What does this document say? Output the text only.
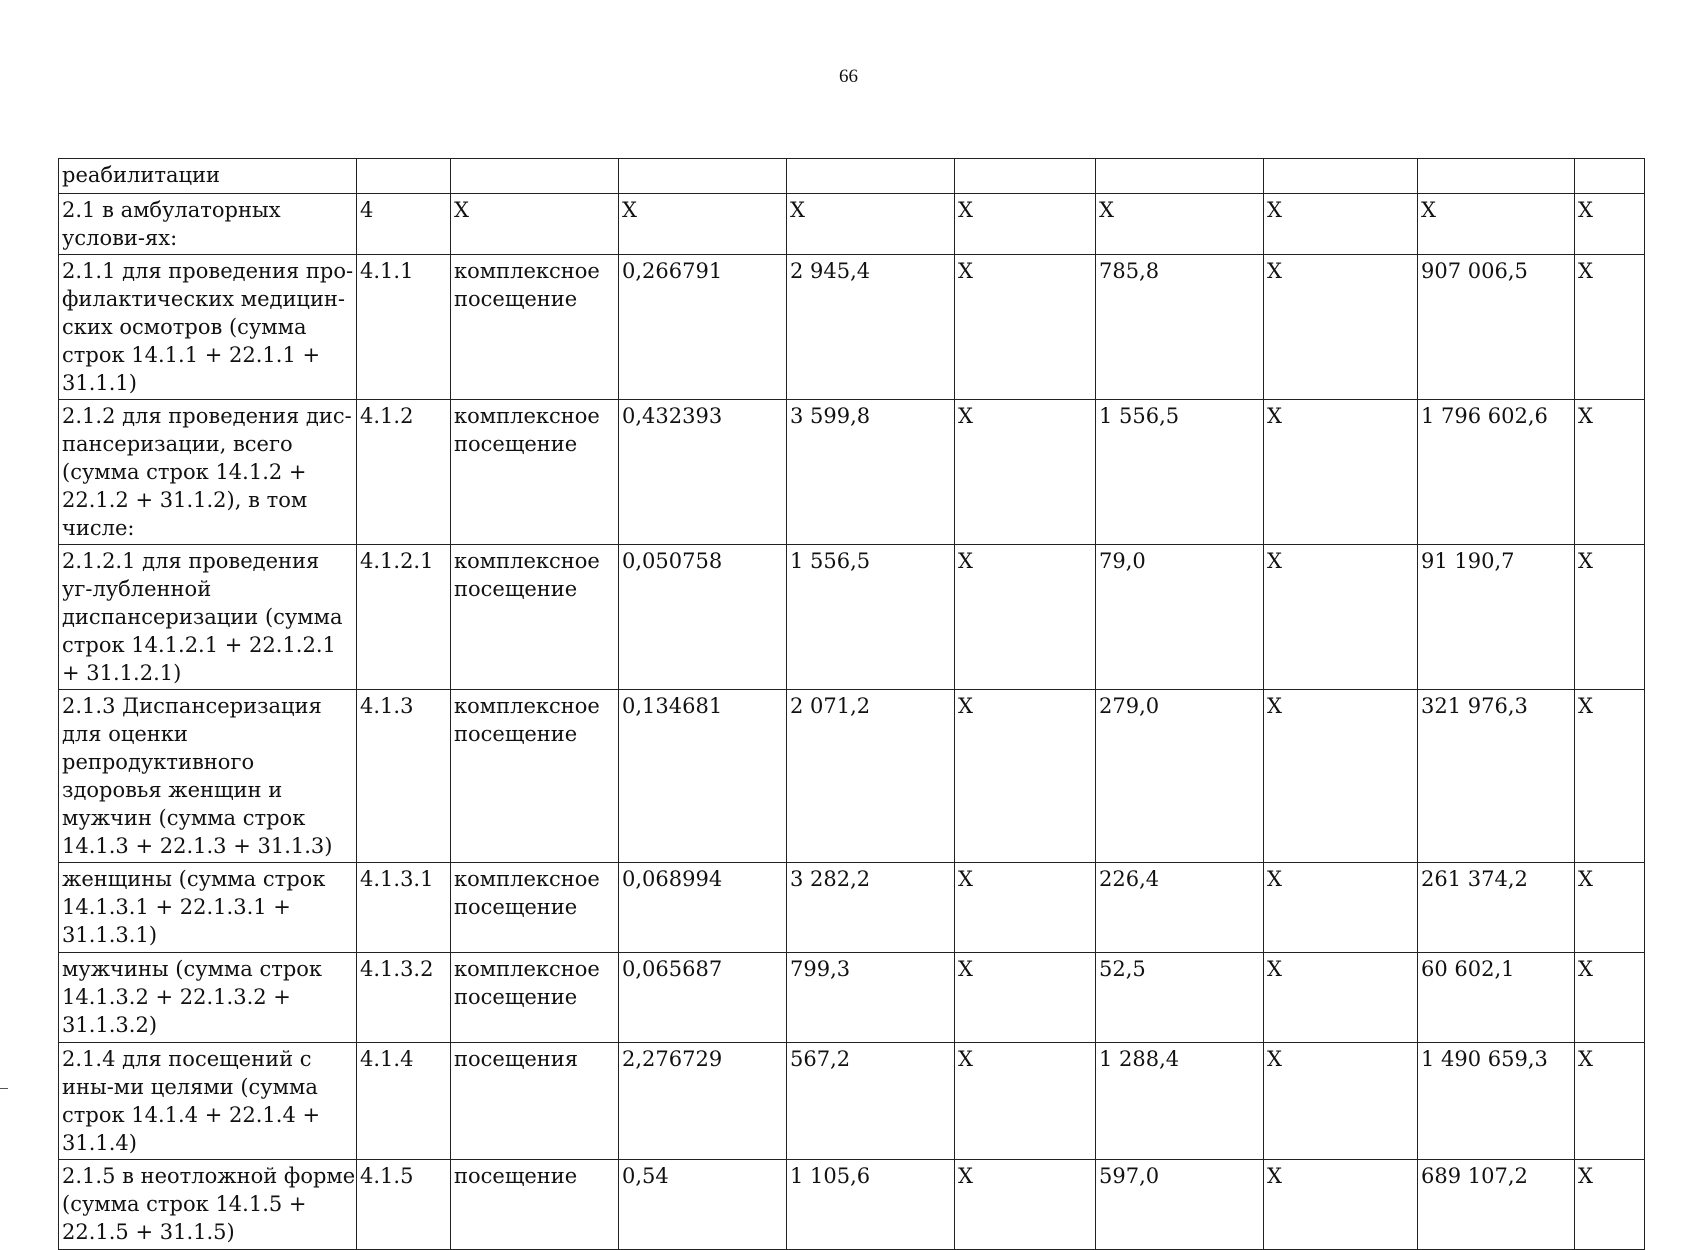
66
реабилитации									
2.1 в амбулаторных услови-ях:	4	X	X	X	X	X	X	X	X
2.1.1 для проведения про-филактических медицин-ских осмотров (сумма строк 14.1.1 + 22.1.1 + 31.1.1)	4.1.1	комплексное посещение	0,266791	2 945,4	X	785,8	X	907 006,5	X
2.1.2 для проведения дис-пансеризации, всего (сумма строк 14.1.2 + 22.1.2 + 31.1.2), в том числе:	4.1.2	комплексное посещение	0,432393	3 599,8	X	1 556,5	X	1 796 602,6	X
2.1.2.1 для проведения уг-лубленной диспансеризации (сумма строк 14.1.2.1 + 22.1.2.1 + 31.1.2.1)	4.1.2.1	комплексное посещение	0,050758	1 556,5	X	79,0	X	91 190,7	X
2.1.3 Диспансеризация для оценки репродуктивного здоровья женщин и мужчин (сумма строк 14.1.3 + 22.1.3 + 31.1.3)	4.1.3	комплексное посещение	0,134681	2 071,2	X	279,0	X	321 976,3	X
женщины (сумма строк 14.1.3.1 + 22.1.3.1 + 31.1.3.1)	4.1.3.1	комплексное посещение	0,068994	3 282,2	X	226,4	X	261 374,2	X
мужчины (сумма строк 14.1.3.2 + 22.1.3.2 + 31.1.3.2)	4.1.3.2	комплексное посещение	0,065687	799,3	X	52,5	X	60 602,1	X
2.1.4 для посещений с ины-ми целями (сумма строк 14.1.4 + 22.1.4 + 31.1.4)	4.1.4	посещения	2,276729	567,2	X	1 288,4	X	1 490 659,3	X
2.1.5 в неотложной форме (сумма строк 14.1.5 + 22.1.5 + 31.1.5)	4.1.5	посещение	0,54	1 105,6	X	597,0	X	689 107,2	X
